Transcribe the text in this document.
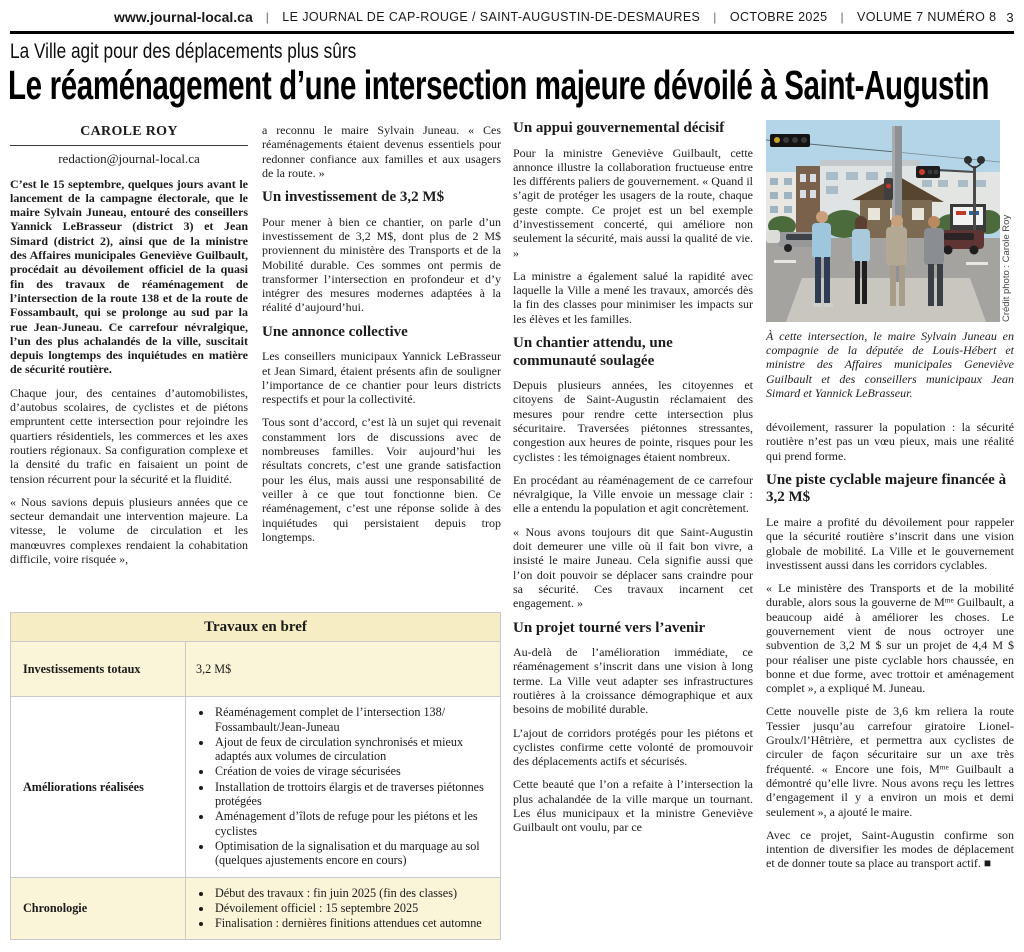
www.journal-local.ca | LE JOURNAL DE CAP-ROUGE / SAINT-AUGUSTIN-DE-DESMAURES | OCTOBRE 2025 | VOLUME 7 NUMÉRO 8 3
La Ville agit pour des déplacements plus sûrs
Le réaménagement d’une intersection majeure dévoilé à Saint-Augustin
CAROLE ROY
redaction@journal-local.ca

C’est le 15 septembre, quelques jours avant le lancement de la campagne électorale, que le maire Sylvain Juneau, entouré des conseillers Yannick LeBrasseur (district 3) et Jean Simard (district 2), ainsi que de la ministre des Affaires municipales Geneviève Guilbault, procédait au dévoilement officiel de la quasi fin des travaux de réaménagement de l’intersection de la route 138 et de la route de Fossambault, qui se prolonge au sud par la rue Jean-Juneau. Ce carrefour névralgique, l’un des plus achalandés de la ville, suscitait depuis longtemps des inquiétudes en matière de sécurité routière.

Chaque jour, des centaines d’automobilistes, d’autobus scolaires, de cyclistes et de piétons empruntent cette intersection pour rejoindre les quartiers résidentiels, les commerces et les axes routiers régionaux. Sa configuration complexe et la densité du trafic en faisaient un point de tension récurrent pour la sécurité et la fluidité.

« Nous savions depuis plusieurs années que ce secteur demandait une intervention majeure. La vitesse, le volume de circulation et les manœuvres complexes rendaient la cohabitation difficile, voire risquée »,

a reconnu le maire Sylvain Juneau. « Ces réaménagements étaient devenus essentiels pour redonner confiance aux familles et aux usagers de la route. »

Un investissement de 3,2 M$

Pour mener à bien ce chantier, on parle d’un investissement de 3,2 M$, dont plus de 2 M$ proviennent du ministère des Transports et de la Mobilité durable. Ces sommes ont permis de transformer l’intersection en profondeur et d’y intégrer des mesures modernes adaptées à la réalité d’aujourd’hui.

Une annonce collective

Les conseillers municipaux Yannick LeBrasseur et Jean Simard, étaient présents afin de souligner l’importance de ce chantier pour leurs districts respectifs et pour la collectivité.

Tous sont d’accord, c’est là un sujet qui revenait constamment lors de discussions avec de nombreuses familles. Voir aujourd’hui les résultats concrets, c’est une grande satisfaction pour les élus, mais aussi une responsabilité de veiller à ce que tout fonctionne bien. Ce réaménagement, c’est une réponse solide à des inquiétudes qui persistaient depuis trop longtemps.

Un appui gouvernemental décisif

Pour la ministre Geneviève Guilbault, cette annonce illustre la collaboration fructueuse entre les différents paliers de gouvernement. « Quand il s’agit de protéger les usagers de la route, chaque geste compte. Ce projet est un bel exemple d’investissement concerté, qui améliore non seulement la sécurité, mais aussi la qualité de vie. »

La ministre a également salué la rapidité avec laquelle la Ville a mené les travaux, amorcés dès la fin des classes pour minimiser les impacts sur les élèves et les familles.

Un chantier attendu, une communauté soulagée

Depuis plusieurs années, les citoyennes et citoyens de Saint-Augustin réclamaient des mesures pour rendre cette intersection plus sécuritaire. Traversées piétonnes stressantes, congestion aux heures de pointe, risques pour les cyclistes : les témoignages étaient nombreux.

En procédant au réaménagement de ce carrefour névralgique, la Ville envoie un message clair : elle a entendu la population et agit concrètement.

« Nous avons toujours dit que Saint-Augustin doit demeurer une ville où il fait bon vivre, a insisté le maire Juneau. Cela signifie aussi que l’on doit pouvoir se déplacer sans craindre pour sa sécurité. Ces travaux incarnent cet engagement. »

Un projet tourné vers l’avenir

Au-delà de l’amélioration immédiate, ce réaménagement s’inscrit dans une vision à long terme. La Ville veut adapter ses infrastructures routières à la croissance démographique et aux besoins de mobilité durable.

L’ajout de corridors protégés pour les piétons et cyclistes confirme cette volonté de promouvoir des déplacements actifs et sécurisés.

Cette beauté que l’on a refaite à l’intersection la plus achalandée de la ville marque un tournant. Les élus municipaux et la ministre Geneviève Guilbault ont voulu, par ce

Crédit photo : Carole Roy
À cette intersection, le maire Sylvain Juneau en compagnie de la députée de Louis-Hébert et ministre des Affaires municipales Geneviève Guilbault et des conseillers municipaux Jean Simard et Yannick LeBrasseur.

dévoilement, rassurer la population : la sécurité routière n’est pas un vœu pieux, mais une réalité qui prend forme.

Une piste cyclable majeure financée à 3,2 M$

Le maire a profité du dévoilement pour rappeler que la sécurité routière s’inscrit dans une vision globale de mobilité. La Ville et le gouvernement investissent aussi dans les corridors cyclables.

« Le ministère des Transports et de la mobilité durable, alors sous la gouverne de Mᵐᵉ Guilbault, a beaucoup aidé à améliorer les choses. Le gouvernement vient de nous octroyer une subvention de 3,2 M $ sur un projet de 4,4 M $ pour réaliser une piste cyclable hors chaussée, en bonne et due forme, avec trottoir et aménagement complet », a expliqué M. Juneau.

Cette nouvelle piste de 3,6 km reliera la route Tessier jusqu’au carrefour giratoire Lionel-Groulx/l’Hêtrière, et permettra aux cyclistes de circuler de façon sécuritaire sur un axe très fréquenté. « Encore une fois, Mᵐᵉ Guilbault a démontré qu’elle livre. Nous avons reçu les lettres d’engagement il y a environ un mois et demi seulement », a ajouté le maire.

Avec ce projet, Saint-Augustin confirme son intention de diversifier les modes de déplacement et de donner toute sa place au transport actif. ■

Travaux en bref	
Investissements totaux	3,2 M$
Améliorations réalisées	
• Réaménagement complet de l’intersection 138/ Fossambault/Jean-Juneau
• Ajout de feux de circulation synchronisés et mieux adaptés aux volumes de circulation
• Création de voies de virage sécurisées
• Installation de trottoirs élargis et de traverses piétonnes protégées
• Aménagement d’îlots de refuge pour les piétons et les cyclistes
• Optimisation de la signalisation et du marquage au sol (quelques ajustements encore en cours)

Chronologie	
• Début des travaux : fin juin 2025 (fin des classes)
• Dévoilement officiel : 15 septembre 2025
• Finalisation : dernières finitions attendues cet automne
